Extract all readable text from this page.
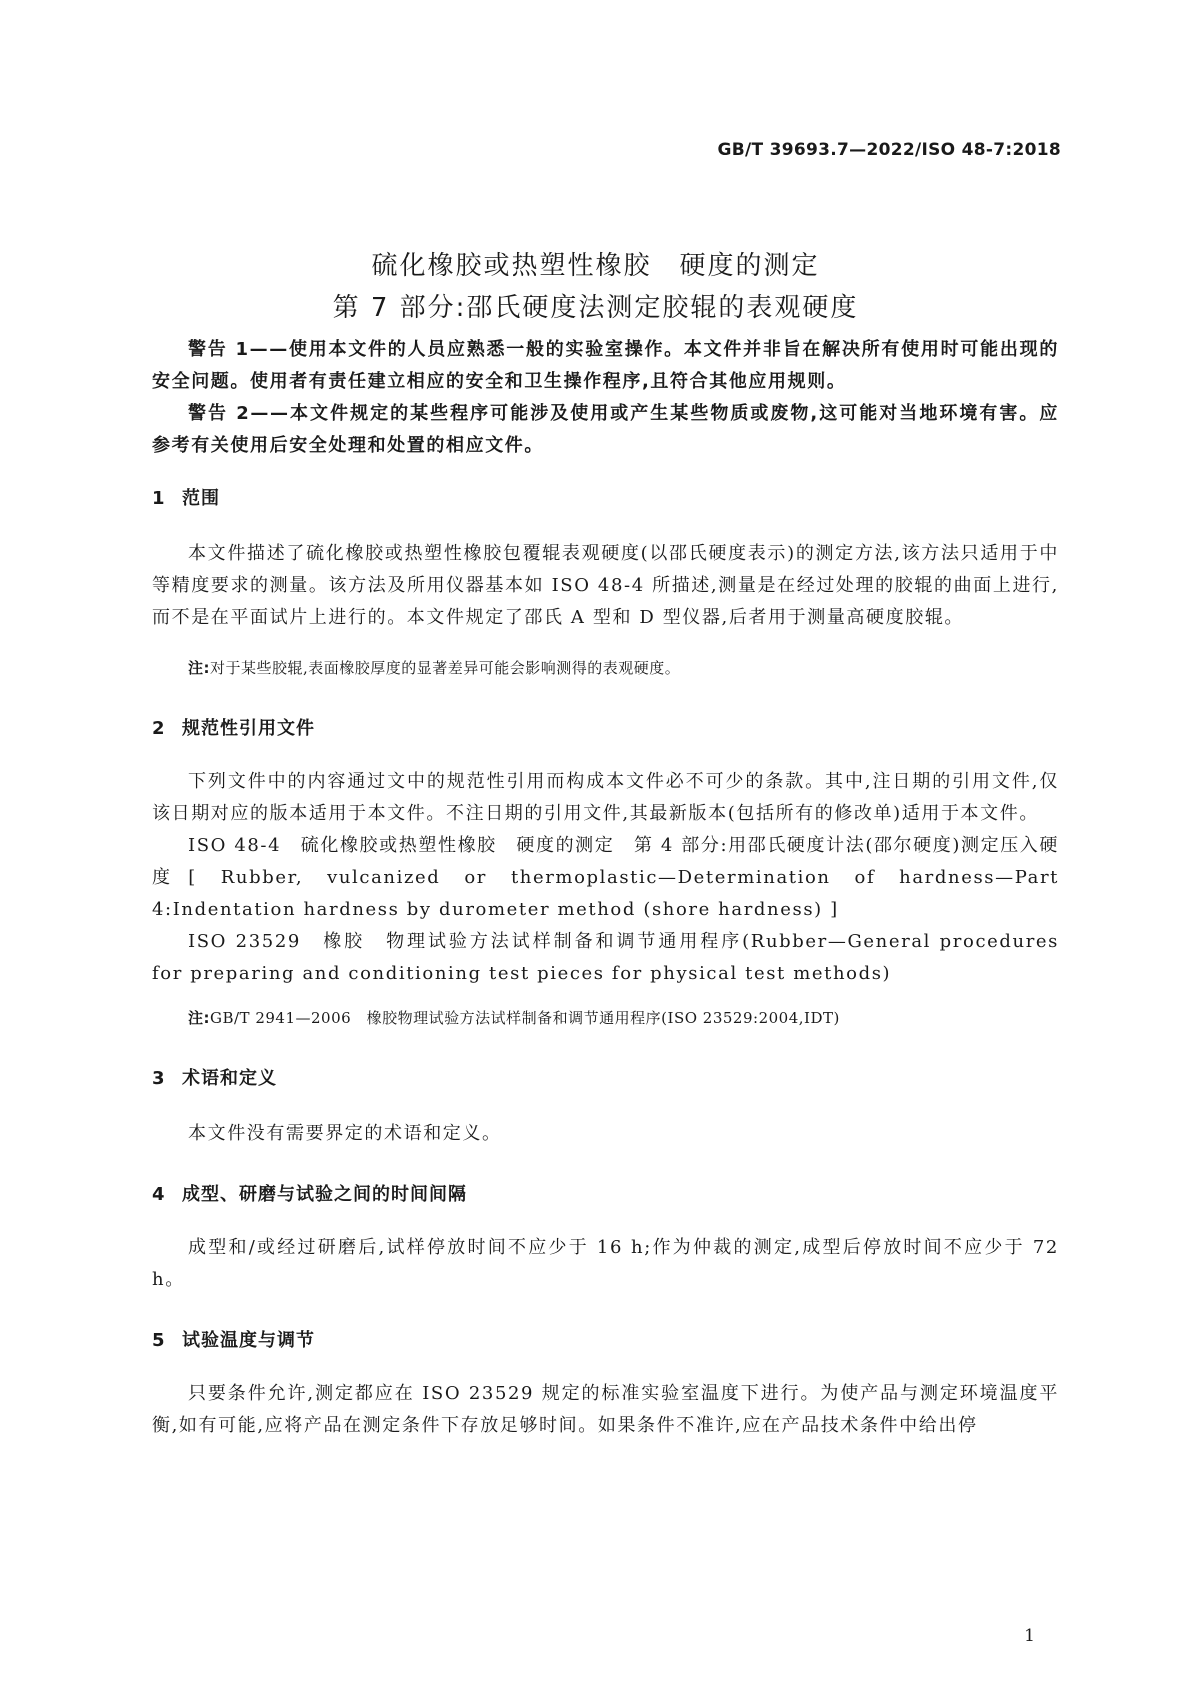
GB/T 39693.7—2022/ISO 48-7:2018
硫化橡胶或热塑性橡胶　硬度的测定
第 7 部分:邵氏硬度法测定胶辊的表观硬度

警告 1——使用本文件的人员应熟悉一般的实验室操作。本文件并非旨在解决所有使用时可能出现的安全问题。使用者有责任建立相应的安全和卫生操作程序,且符合其他应用规则。

警告 2——本文件规定的某些程序可能涉及使用或产生某些物质或废物,这可能对当地环境有害。应参考有关使用后安全处理和处置的相应文件。

1 范围

本文件描述了硫化橡胶或热塑性橡胶包覆辊表观硬度(以邵氏硬度表示)的测定方法,该方法只适用于中等精度要求的测量。该方法及所用仪器基本如 ISO 48-4 所描述,测量是在经过处理的胶辊的曲面上进行,而不是在平面试片上进行的。本文件规定了邵氏 A 型和 D 型仪器,后者用于测量高硬度胶辊。

注:对于某些胶辊,表面橡胶厚度的显著差异可能会影响测得的表观硬度。
2 规范性引用文件

下列文件中的内容通过文中的规范性引用而构成本文件必不可少的条款。其中,注日期的引用文件,仅该日期对应的版本适用于本文件。不注日期的引用文件,其最新版本(包括所有的修改单)适用于本文件。

ISO 48-4　硫化橡胶或热塑性橡胶　硬度的测定　第 4 部分:用邵氏硬度计法(邵尔硬度)测定压入硬度[ Rubber, vulcanized or thermoplastic—Determination of hardness—Part 4:Indentation hardness by durometer method (shore hardness) ]

ISO 23529　橡胶　物理试验方法试样制备和调节通用程序(Rubber—General procedures for preparing and conditioning test pieces for physical test methods)

注:GB/T 2941—2006　橡胶物理试验方法试样制备和调节通用程序(ISO 23529:2004,IDT)
3 术语和定义

本文件没有需要界定的术语和定义。

4 成型、研磨与试验之间的时间间隔

成型和/或经过研磨后,试样停放时间不应少于 16 h;作为仲裁的测定,成型后停放时间不应少于 72 h。

5 试验温度与调节

只要条件允许,测定都应在 ISO 23529 规定的标准实验室温度下进行。为使产品与测定环境温度平衡,如有可能,应将产品在测定条件下存放足够时间。如果条件不准许,应在产品技术条件中给出停

1
